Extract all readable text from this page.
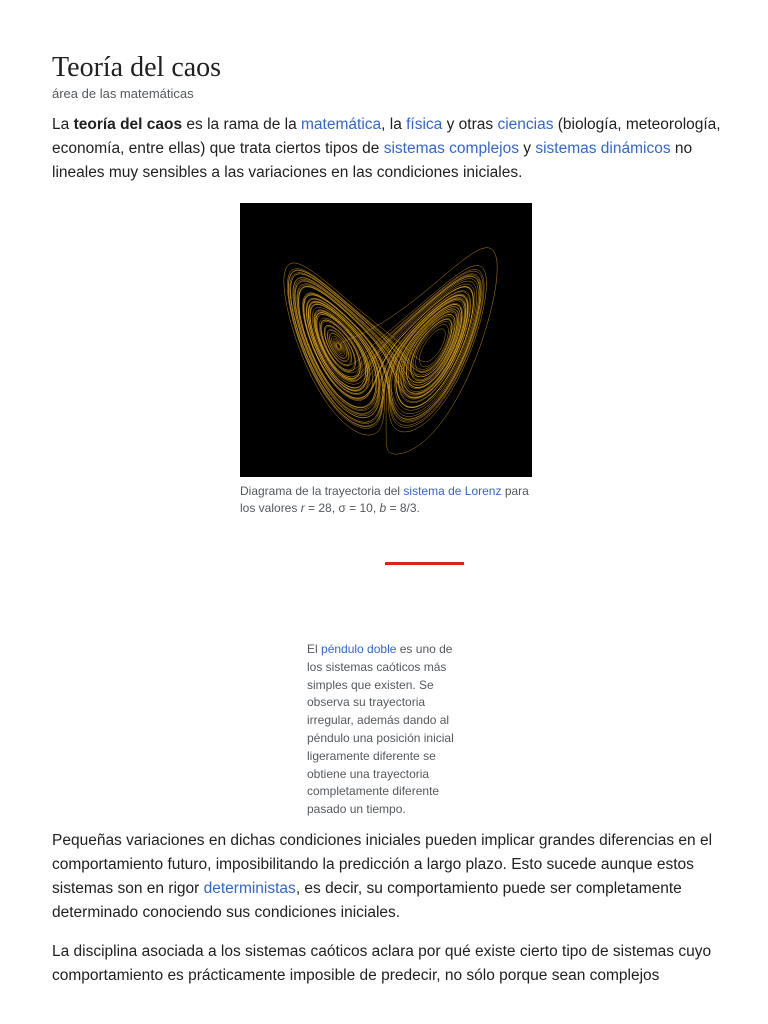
Teoría del caos
área de las matemáticas

La teoría del caos es la rama de la matemática, la física y otras ciencias (biología, meteorología, economía, entre ellas) que trata ciertos tipos de sistemas complejos y sistemas dinámicos no lineales muy sensibles a las variaciones en las condiciones iniciales.

Diagrama de la trayectoria del sistema de Lorenz para los valores r = 28, σ = 10, b = 8/3.
El péndulo doble es uno de los sistemas caóticos más simples que existen. Se observa su trayectoria irregular, además dando al péndulo una posición inicial ligeramente diferente se obtiene una trayectoria completamente diferente pasado un tiempo.

Pequeñas variaciones en dichas condiciones iniciales pueden implicar grandes diferencias en el comportamiento futuro, imposibilitando la predicción a largo plazo. Esto sucede aunque estos sistemas son en rigor deterministas, es decir, su comportamiento puede ser completamente determinado conociendo sus condiciones iniciales.

La disciplina asociada a los sistemas caóticos aclara por qué existe cierto tipo de sistemas cuyo comportamiento es prácticamente imposible de predecir, no sólo porque sean complejos
